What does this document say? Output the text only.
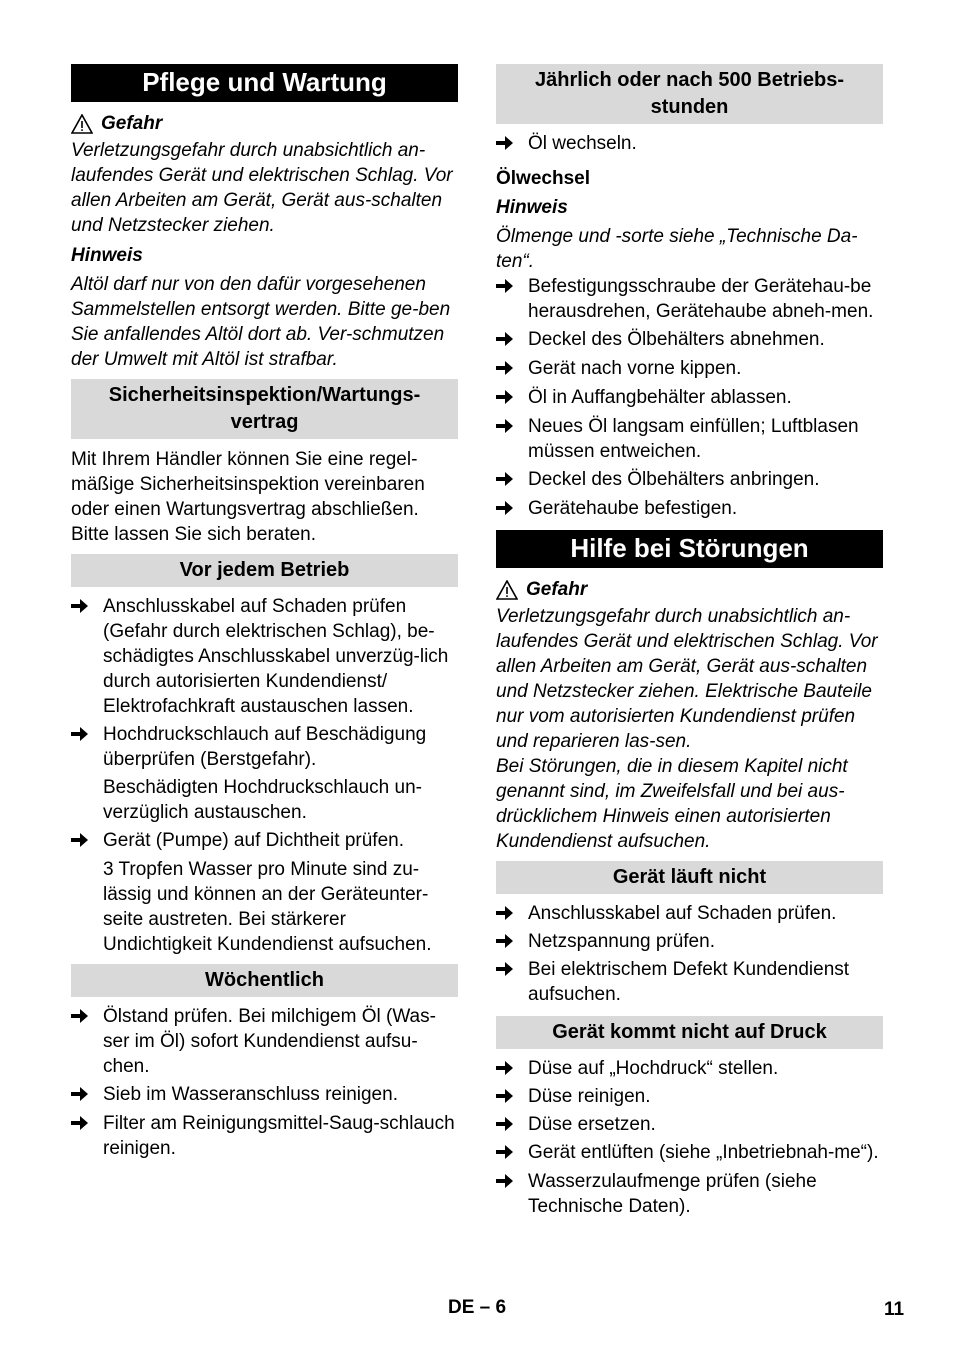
Pflege und Wartung
Gefahr

Verletzungsgefahr durch unabsichtlich an-laufendes Gerät und elektrischen Schlag. Vor allen Arbeiten am Gerät, Gerät aus-schalten und Netzstecker ziehen.

Hinweis

Altöl darf nur von den dafür vorgesehenen Sammelstellen entsorgt werden. Bitte ge-ben Sie anfallendes Altöl dort ab. Ver-schmutzen der Umwelt mit Altöl ist strafbar.

Sicherheitsinspektion/Wartungs-vertrag

Mit Ihrem Händler können Sie eine regel-mäßige Sicherheitsinspektion vereinbaren oder einen Wartungsvertrag abschließen. Bitte lassen Sie sich beraten.

Vor jedem Betrieb
Anschlusskabel auf Schaden prüfen (Gefahr durch elektrischen Schlag), be-schädigtes Anschlusskabel unverzüg-lich durch autorisierten Kundendienst/ Elektrofachkraft austauschen lassen.
Hochdruckschlauch auf Beschädigung überprüfen (Berstgefahr).
Beschädigten Hochdruckschlauch un-verzüglich austauschen.
Gerät (Pumpe) auf Dichtheit prüfen.
3 Tropfen Wasser pro Minute sind zu-lässig und können an der Geräteunter-seite austreten. Bei stärkerer Undichtigkeit Kundendienst aufsuchen.
Wöchentlich
Ölstand prüfen. Bei milchigem Öl (Was-ser im Öl) sofort Kundendienst aufsu-chen.
Sieb im Wasseranschluss reinigen.
Filter am Reinigungsmittel-Saug-schlauch reinigen.
Jährlich oder nach 500 Betriebs-stunden
Öl wechseln.

Ölwechsel

Hinweis

Ölmenge und -sorte siehe „Technische Da-ten“.

Befestigungsschraube der Gerätehau-be herausdrehen, Gerätehaube abneh-men.
Deckel des Ölbehälters abnehmen.
Gerät nach vorne kippen.
Öl in Auffangbehälter ablassen.
Neues Öl langsam einfüllen; Luftblasen müssen entweichen.
Deckel des Ölbehälters anbringen.
Gerätehaube befestigen.
Hilfe bei Störungen
Gefahr

Verletzungsgefahr durch unabsichtlich an-laufendes Gerät und elektrischen Schlag. Vor allen Arbeiten am Gerät, Gerät aus-schalten und Netzstecker ziehen. Elektrische Bauteile nur vom autorisierten Kundendienst prüfen und reparieren las-sen.

Bei Störungen, die in diesem Kapitel nicht genannt sind, im Zweifelsfall und bei aus-drücklichem Hinweis einen autorisierten Kundendienst aufsuchen.

Gerät läuft nicht
Anschlusskabel auf Schaden prüfen.
Netzspannung prüfen.
Bei elektrischem Defekt Kundendienst aufsuchen.
Gerät kommt nicht auf Druck
Düse auf „Hochdruck“ stellen.
Düse reinigen.
Düse ersetzen.
Gerät entlüften (siehe „Inbetriebnah-me“).
Wasserzulaufmenge prüfen (siehe Technische Daten).
DE – 6	11
